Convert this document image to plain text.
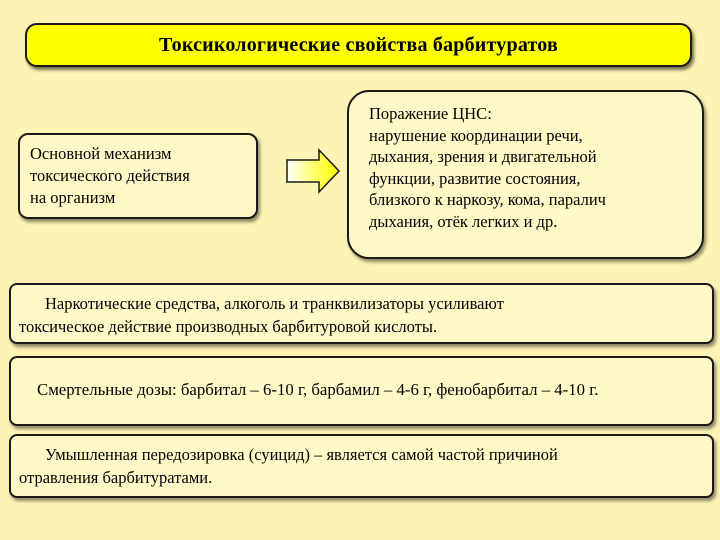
Токсикологические свойства барбитуратов
Основной механизм
токсического действия
на организм
Поражение ЦНС:
нарушение координации речи,
дыхания, зрения и двигательной
функции, развитие состояния,
близкого к наркозу, кома, паралич
дыхания, отёк легких и др.
Наркотические средства, алкоголь и транквилизаторы усиливают
токсическое действие производных барбитуровой кислоты.
Смертельные дозы: барбитал – 6-10 г, барбамил – 4-6 г, фенобарбитал – 4-10 г.
Умышленная передозировка (суицид) – является самой частой причиной
отравления барбитуратами.
